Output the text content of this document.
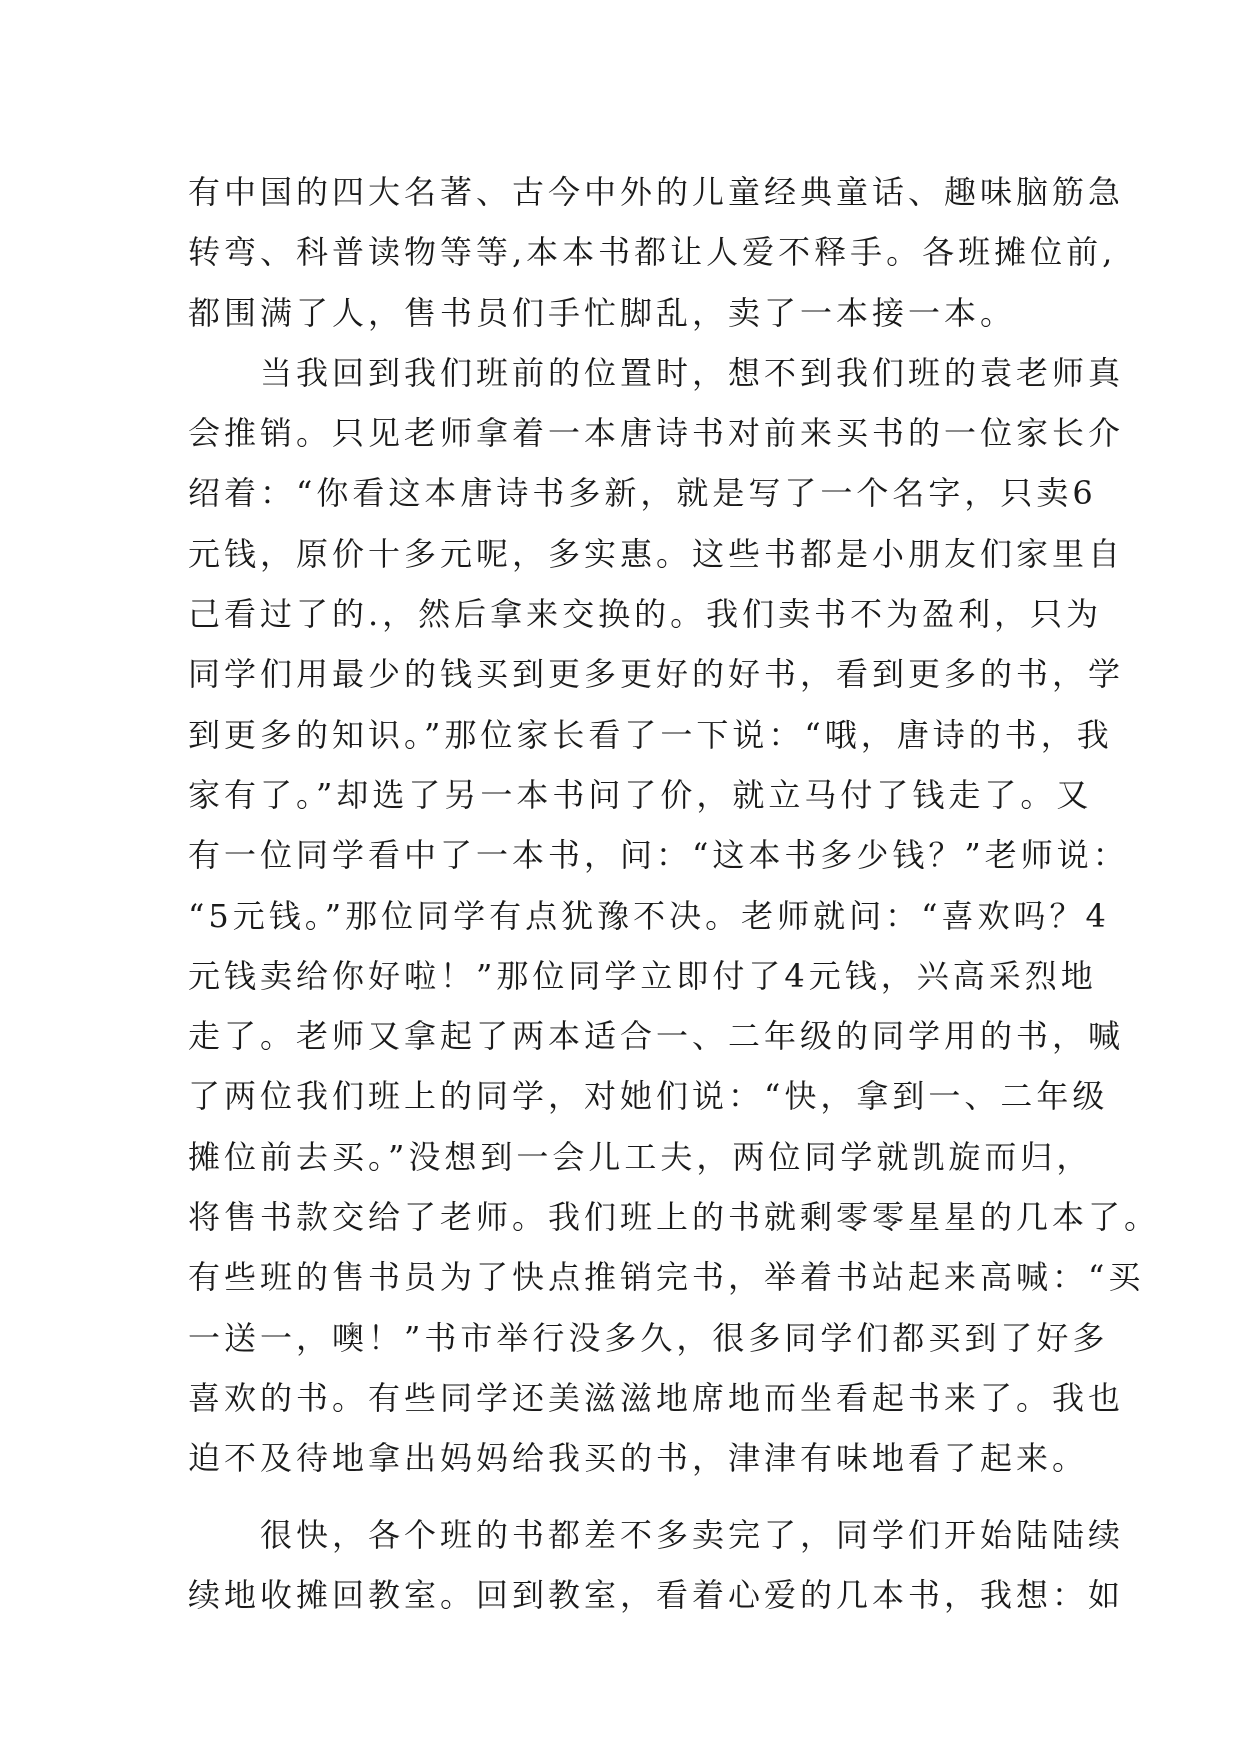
有中国的四大名著、古今中外的儿童经典童话、趣味脑筋急
转弯、科普读物等等,本本书都让人爱不释手。各班摊位前,
都围满了人，售书员们手忙脚乱，卖了一本接一本。
当我回到我们班前的位置时，想不到我们班的袁老师真
会推销。只见老师拿着一本唐诗书对前来买书的一位家长介
绍着：“你看这本唐诗书多新，就是写了一个名字，只卖6
元钱，原价十多元呢，多实惠。这些书都是小朋友们家里自
己看过了的.，然后拿来交换的。我们卖书不为盈利，只为
同学们用最少的钱买到更多更好的好书，看到更多的书，学
到更多的知识。”那位家长看了一下说：“哦，唐诗的书，我
家有了。”却选了另一本书问了价，就立马付了钱走了。又
有一位同学看中了一本书，问：“这本书多少钱？”老师说：
“5元钱。”那位同学有点犹豫不决。老师就问：“喜欢吗？4
元钱卖给你好啦！”那位同学立即付了4元钱，兴高采烈地
走了。老师又拿起了两本适合一、二年级的同学用的书，喊
了两位我们班上的同学，对她们说：“快，拿到一、二年级
摊位前去买。”没想到一会儿工夫，两位同学就凯旋而归，
将售书款交给了老师。我们班上的书就剩零零星星的几本了。
有些班的售书员为了快点推销完书，举着书站起来高喊：“买
一送一，噢！”书市举行没多久，很多同学们都买到了好多
喜欢的书。有些同学还美滋滋地席地而坐看起书来了。我也
迫不及待地拿出妈妈给我买的书，津津有味地看了起来。
很快，各个班的书都差不多卖完了，同学们开始陆陆续
续地收摊回教室。回到教室，看着心爱的几本书，我想：如
